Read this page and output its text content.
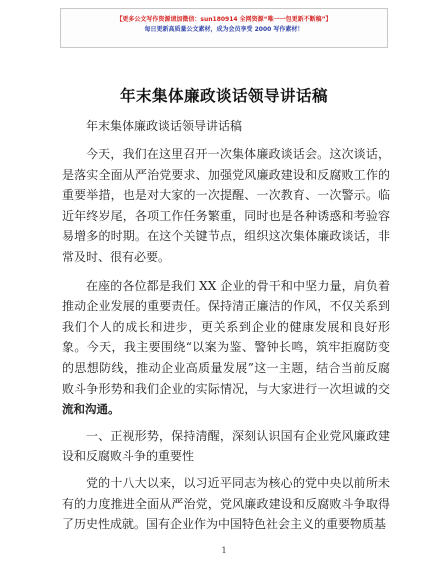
【更多公文写作资源请加微信：sun180914 全网资源“唯一一包更新不断稿”】
每日更新高质量公文素材，成为会员享受 2000 写作素材！
年末集体廉政谈话领导讲话稿
年末集体廉政谈话领导讲话稿

今天，我们在这里召开一次集体廉政谈话会。这次谈话，是落实全面从严治党要求、加强党风廉政建设和反腐败工作的重要举措，也是对大家的一次提醒、一次教育、一次警示。临近年终岁尾，各项工作任务繁重，同时也是各种诱惑和考验容易增多的时期。在这个关键节点，组织这次集体廉政谈话，非常及时、很有必要。

在座的各位都是我们 XX 企业的骨干和中坚力量，肩负着推动企业发展的重要责任。保持清正廉洁的作风，不仅关系到我们个人的成长和进步，更关系到企业的健康发展和良好形象。今天，我主要围绕“以案为鉴、警钟长鸣，筑牢拒腐防变的思想防线，推动企业高质量发展”这一主题，结合当前反腐败斗争形势和我们企业的实际情况，与大家进行一次坦诚的交流和沟通。

一、正视形势，保持清醒，深刻认识国有企业党风廉政建设和反腐败斗争的重要性

党的十八大以来，以习近平同志为核心的党中央以前所未有的力度推进全面从严治党，党风廉政建设和反腐败斗争取得了历史性成就。国有企业作为中国特色社会主义的重要物质基

1
